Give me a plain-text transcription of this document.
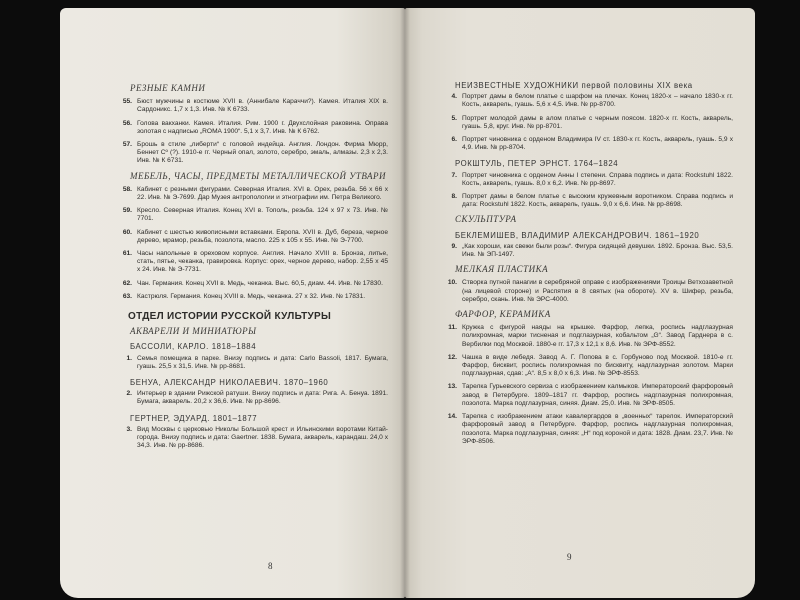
РЕЗНЫЕ КАМНИ
55. Бюст мужчины в костюме XVII в. (Аннибале Караччи?). Камея. Италия XIX в. Сардоникс. 1,7 x 1,3. Инв. № К 6733.
56. Голова вакханки. Камея. Италия. Рим. 1900 г. Двухслойная раковина. Оправа золотая с надписью „ROMA 1900“. 5,1 x 3,7. Инв. № К 6762.
57. Брошь в стиле „либерти“ с головой индейца. Англия. Лондон. Фирма Мюрр, Беннет Cº (?). 1910-е гг. Черный опал, золото, серебро, эмаль, алмазы. 2,3 x 2,3. Инв. № К 6731.
МЕБЕЛЬ, ЧАСЫ, ПРЕДМЕТЫ МЕТАЛЛИЧЕСКОЙ УТВАРИ
58. Кабинет с резными фигурами. Северная Италия. XVI в. Орех, резьба. 56 x 66 x 22. Инв. № Э-7699. Дар Музея антропологии и этнографии им. Петра Великого.
59. Кресло. Северная Италия. Конец XVI в. Тополь, резьба. 124 x 97 x 73. Инв. № 7701.
60. Кабинет с шестью живописными вставками. Европа. XVII в. Дуб, береза, черное дерево, мрамор, резьба, позолота, масло. 225 x 105 x 55. Инв. № Э-7700.
61. Часы напольные в ореховом корпусе. Англия. Начало XVIII в. Бронза, литье, стать, пятье, чеканка, гравировка. Корпус: орех, черное дерево, набор. 2,55 x 45 x 24. Инв. № Э-7731.
62. Чан. Германия. Конец XVII в. Медь, чеканка. Выс. 60,5, диам. 44. Инв. № 17830.
63. Кастрюля. Германия. Конец XVIII в. Медь, чеканка. 27 x 32. Инв. № 17831.
ОТДЕЛ ИСТОРИИ РУССКОЙ КУЛЬТУРЫ
АКВАРЕЛИ И МИНИАТЮРЫ
БАССОЛИ, КАРЛО. 1818–1884
1. Семья помещика в парке. Внизу подпись и дата: Carlo Bassoli, 1817. Бумага, гуашь. 25,5 x 31,5. Инв. № рр-8681.
БЕНУА, АЛЕКСАНДР НИКОЛАЕВИЧ. 1870–1960
2. Интерьер в здании Рижской ратуши. Внизу подпись и дата: Рига. А. Бенуа. 1891. Бумага, акварель. 20,2 x 36,6. Инв. № рр-8696.
ГЕРТНЕР, ЭДУАРД. 1801–1877
3. Вид Москвы с церковью Николы Большой крест и Ильинскими воротами Китай-города. Внизу подпись и дата: Gaertner. 1838. Бумага, акварель, карандаш. 24,0 x 34,3. Инв. № рр-8686.
8
НЕИЗВЕСТНЫЕ ХУДОЖНИКИ первой половины XIX века
4. Портрет дамы в белом платье с шарфом на плечах. Конец 1820-х – начало 1830-х гг. Кость, акварель, гуашь. 5,6 x 4,5. Инв. № рр-8700.
5. Портрет молодой дамы в алом платье с черным поясом. 1820-х гг. Кость, акварель, гуашь. 5,8, круг. Инв. № рр-8701.
6. Портрет чиновника с орденом Владимира IV ст. 1830-х гг. Кость, акварель, гуашь. 5,9 x 4,9. Инв. № рр-8704.
РОКШТУЛЬ, ПЕТЕР ЭРНСТ. 1764–1824
7. Портрет чиновника с орденом Анны I степени. Справа подпись и дата: Rockstuhl 1822. Кость, акварель, гуашь. 8,0 x 6,2. Инв. № рр-8697.
8. Портрет дамы в белом платье с высоким кружевным воротником. Справа подпись и дата: Rockstuhl 1822. Кость, акварель, гуашь. 9,0 x 6,6. Инв. № рр-8698.
СКУЛЬПТУРА
БЕКЛЕМИШЕВ, ВЛАДИМИР АЛЕКСАНДРОВИЧ. 1861–1920
9. „Как хороши, как свежи были розы“. Фигура сидящей девушки. 1892. Бронза. Выс. 53,5. Инв. № ЭП-1497.
МЕЛКАЯ ПЛАСТИКА
10. Створка путной панагии в серебряной оправе с изображениями Троицы Ветхозаветной (на лицевой стороне) и Распятия в 8 святых (на обороте). XV в. Шифер, резьба, серебро, скань. Инв. № ЭРС-4000.
ФАРФОР, КЕРАМИКА
11. Кружка с фигурой наяды на крышке. Фарфор, лепка, роспись надглазурная полихромная, марки тисненая и подглазурная, кобальтом „G“. Завод Гарднера в с. Вербилки под Москвой. 1880-е гг. 17,3 x 12,1 x 8,6. Инв. № ЭРФ-8552.
12. Чашка в виде лебедя. Завод А. Г. Попова в с. Горбуново под Москвой. 1810-е гг. Фарфор, бисквит, роспись полихромная по бисквиту, надглазурная золотом. Марки подглазурная, сдав: „А“. 8,5 x 8,0 x 6,3. Инв. № ЭРФ-8553.
13. Тарелка Гурьевского сервиза с изображением калмыков. Императорский фарфоровый завод в Петербурге. 1809–1817 гг. Фарфор, роспись надглазурная полихромная, позолота. Марка подглазурная, синяя. Диам. 25,0. Инв. № ЭРФ-8505.
14. Тарелка с изображением атаки кавалергардов в „военных“ тарелок. Императорский фарфоровый завод в Петербурге. Фарфор, роспись надглазурная полихромная, позолота. Марка подглазурная, синяя: „Н“ под короной и дата: 1828. Диам. 23,7. Инв. № ЭРФ-8506.
9
